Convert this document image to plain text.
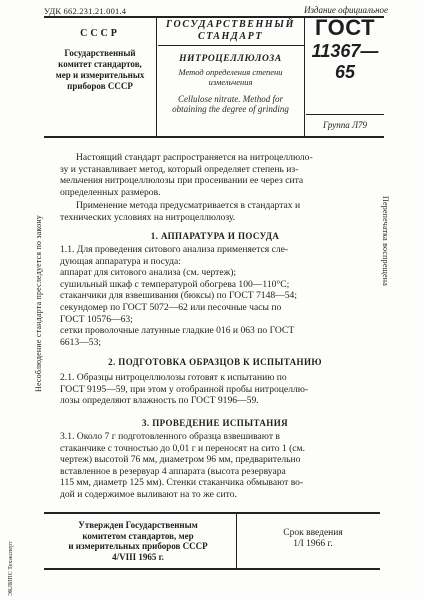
УДК 662.231.21.001.4	Издание официальное
СССР
Государственный
комитет стандартов,
мер и измерительных
приборов СССР
ГОСУДАРСТВЕННЫЙ
СТАНДАРТ
НИТРОЦЕЛЛЮЛОЗА
Метод определения степени
измельчения
Cellulose nitrate. Method for
obtaining the degree of grinding
ГОСТ
11367—65
Группа Л79
Настоящий стандарт распространяется на нитроцеллюло-
зу и устанавливает метод, который определяет степень из-
мельчения нитроцеллюлозы при просеивании ее через сита
определенных размеров.
Применение метода предусматривается в стандартах и
технических условиях на нитроцеллюлозу.
1. АППАРАТУРА И ПОСУДА
1.1. Для проведения ситового анализа применяется сле-
дующая аппаратура и посуда:
аппарат для ситового анализа (см. чертеж);
сушильный шкаф с температурой обогрева 100—110°С;
стаканчики для взвешивания (бюксы) по ГОСТ 7148—54;
секундомер по ГОСТ 5072—62 или песочные часы по
ГОСТ 10576—63;
сетки проволочные латунные гладкие 016 и 063 по ГОСТ
6613—53;
2. ПОДГОТОВКА ОБРАЗЦОВ К ИСПЫТАНИЮ
2.1. Образцы нитроцеллюлозы готовят к испытанию по
ГОСТ 9195—59, при этом у отобранной пробы нитроцеллю-
лозы определяют влажность по ГОСТ 9196—59.
3. ПРОВЕДЕНИЕ ИСПЫТАНИЯ
3.1. Около 7 г подготовленного образца взвешивают в
стаканчике с точностью до 0,01 г и переносят на сито 1 (см.
чертеж) высотой 76 мм, диаметром 96 мм, предварительно
вставленное в резервуар 4 аппарата (высота резервуара
115 мм, диаметр 125 мм). Стенки стаканчика обмывают во-
дой и содержимое выливают на то же сито.
Утвержден Государственным
комитетом стандартов, мер
и измерительных приборов СССР
4/VIII 1965 г.
Срок введения
1/I 1966 г.
Несоблюдение стандарта преследуется по закону	Перепечатка воспрещена
ЭКЛИПС Техэксперт
